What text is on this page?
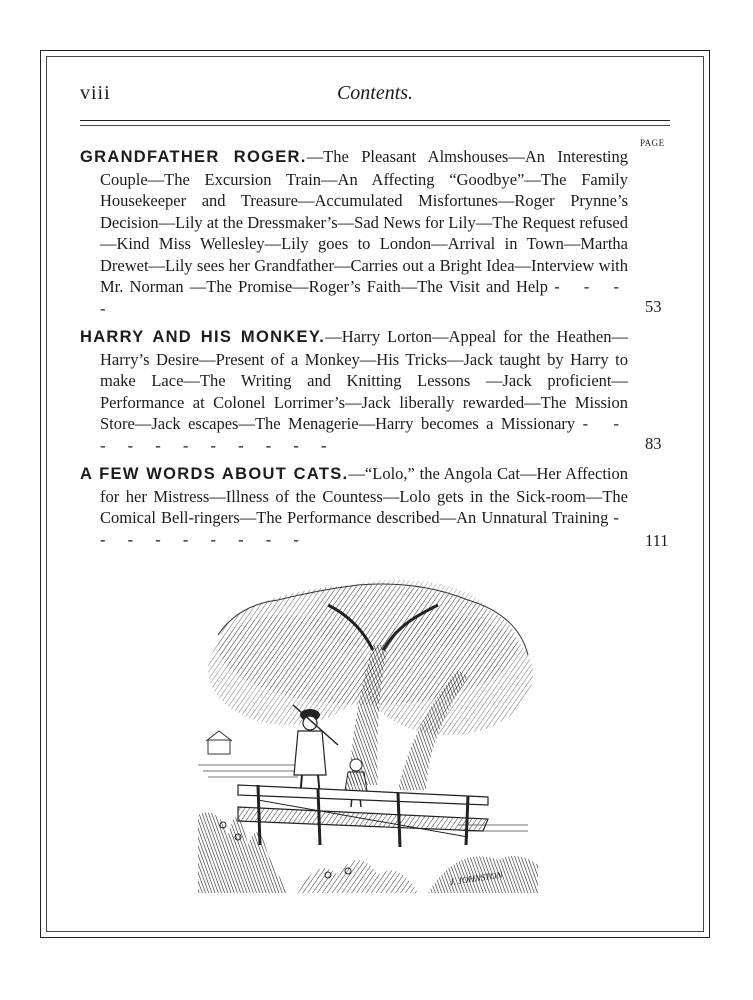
viii	Contents.
PAGE
GRANDFATHER ROGER.—The Pleasant Almshouses—An Interesting Couple—The Excursion Train—An Affecting “Goodbye”—The Family Housekeeper and Treasure—Accumulated Misfortunes—Roger Prynne’s Decision—Lily at the Dressmaker’s—Sad News for Lily—The Request refused—Kind Miss Wellesley—Lily goes to London—Arrival in Town—Martha Drewet—Lily sees her Grandfather—Carries out a Bright Idea—Interview with Mr. Norman —The Promise—Roger’s Faith—The Visit and Help - - - -	53
HARRY AND HIS MONKEY.—Harry Lorton—Appeal for the Heathen—Harry’s Desire—Present of a Monkey—His Tricks—Jack taught by Harry to make Lace—The Writing and Knitting Lessons —Jack proficient—Performance at Colonel Lorrimer’s—Jack liberally rewarded—The Mission Store—Jack escapes—The Menagerie—Harry becomes a Missionary - - - - - - - - - - -	83
A FEW WORDS ABOUT CATS.—“Lolo,” the Angola Cat—Her Affection for her Mistress—Illness of the Countess—Lolo gets in the Sick-room—The Comical Bell-ringers—The Performance described—An Unnatural Training - - - - - - - - -	111
J. JOHNSTON
